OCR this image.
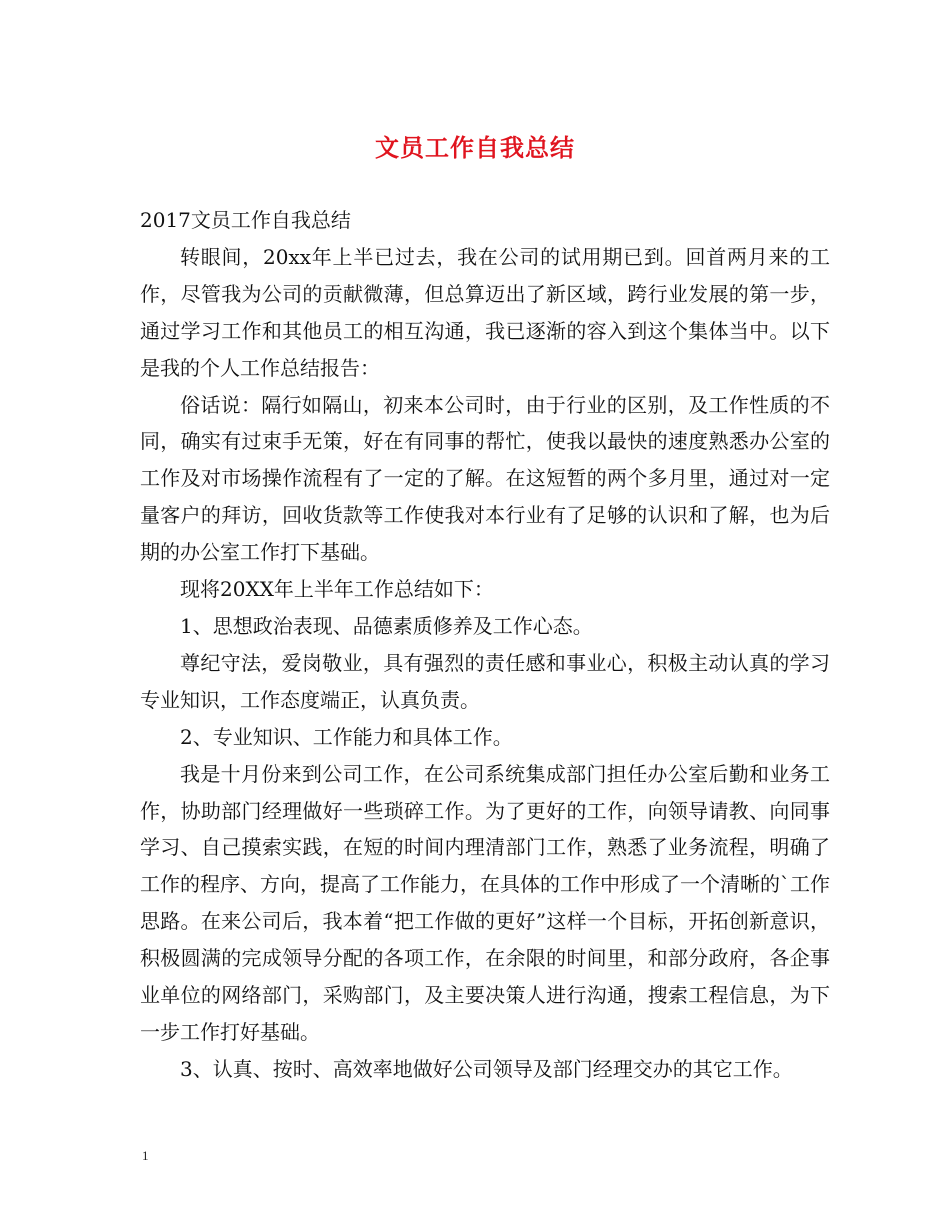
文员工作自我总结

2017文员工作自我总结

转眼间，20xx年上半已过去，我在公司的试用期已到。回首两月来的工作，尽管我为公司的贡献微薄，但总算迈出了新区域，跨行业发展的第一步，通过学习工作和其他员工的相互沟通，我已逐渐的容入到这个集体当中。以下是我的个人工作总结报告：

俗话说：隔行如隔山，初来本公司时，由于行业的区别，及工作性质的不同，确实有过束手无策，好在有同事的帮忙，使我以最快的速度熟悉办公室的工作及对市场操作流程有了一定的了解。在这短暂的两个多月里，通过对一定量客户的拜访，回收货款等工作使我对本行业有了足够的认识和了解，也为后期的办公室工作打下基础。

现将20XX年上半年工作总结如下：

1、思想政治表现、品德素质修养及工作心态。

尊纪守法，爱岗敬业，具有强烈的责任感和事业心，积极主动认真的学习专业知识，工作态度端正，认真负责。

2、专业知识、工作能力和具体工作。

我是十月份来到公司工作，在公司系统集成部门担任办公室后勤和业务工作，协助部门经理做好一些琐碎工作。为了更好的工作，向领导请教、向同事学习、自己摸索实践，在短的时间内理清部门工作，熟悉了业务流程，明确了工作的程序、方向，提高了工作能力，在具体的工作中形成了一个清晰的`工作思路。在来公司后，我本着“把工作做的更好”这样一个目标，开拓创新意识，积极圆满的完成领导分配的各项工作，在余限的时间里，和部分政府，各企事业单位的网络部门，采购部门，及主要决策人进行沟通，搜索工程信息，为下一步工作打好基础。

3、认真、按时、高效率地做好公司领导及部门经理交办的其它工作。

1
